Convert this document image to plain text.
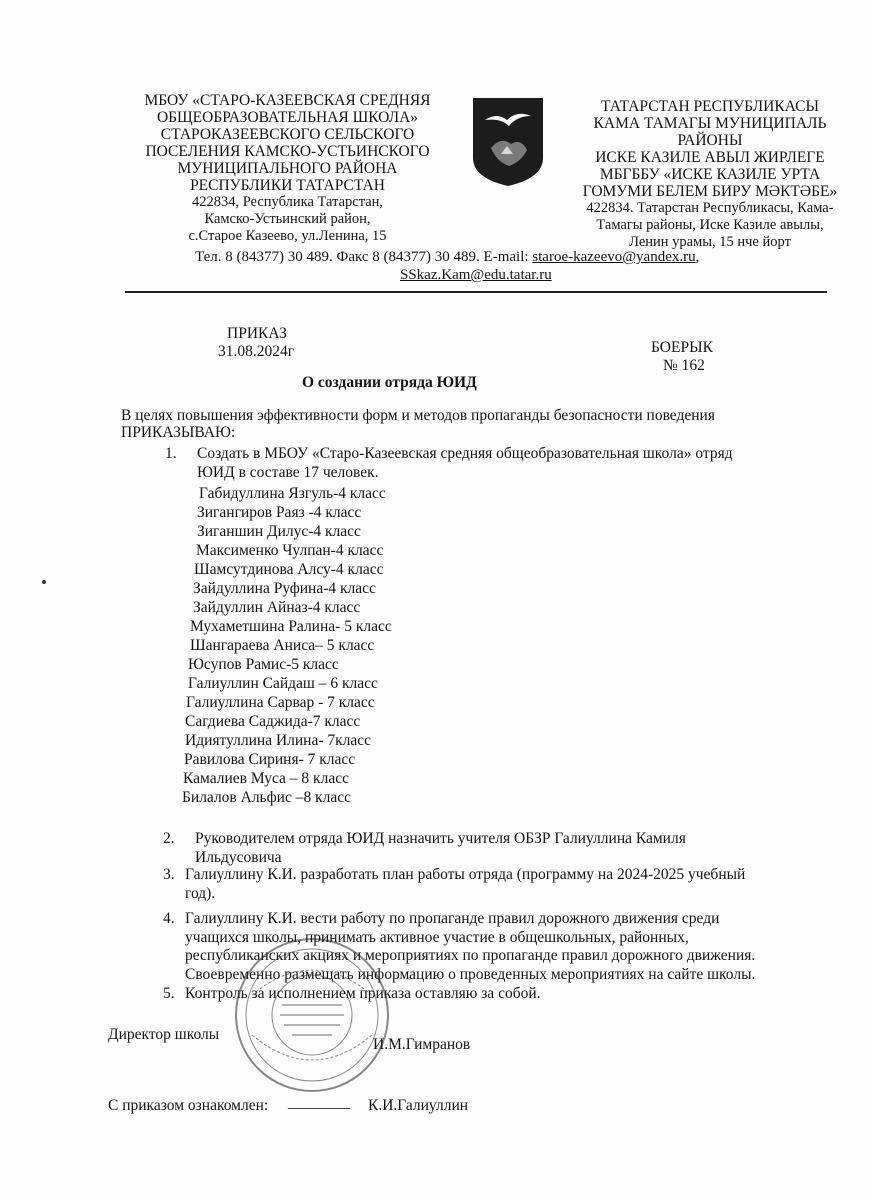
МБОУ «СТАРО-КАЗЕЕВСКАЯ СРЕДНЯЯ
ОБЩЕОБРАЗОВАТЕЛЬНАЯ ШКОЛА»
СТАРОКАЗЕЕВСКОГО СЕЛЬСКОГО
ПОСЕЛЕНИЯ КАМСКО-УСТЬИНСКОГО
МУНИЦИПАЛЬНОГО РАЙОНА
РЕСПУБЛИКИ ТАТАРСТАН
422834, Республика Татарстан,
Камско-Устьинский район,
с.Старое Казеево, ул.Ленина, 15
ТАТАРСТАН РЕСПУБЛИКАСЫ
КАМА ТАМАГЫ МУНИЦИПАЛЬ
РАЙОНЫ
ИСКЕ КАЗИЛЕ АВЫЛ ЖИРЛЕГЕ
МБГББУ «ИСКЕ КАЗИЛЕ УРТА
ГОМУМИ БЕЛЕМ БИРУ МӘКТӘБЕ»
422834. Татарстан Республикасы, Кама-
Тамагы районы, Иске Казиле авылы,
Ленин урамы, 15 нче йорт
Тел. 8 (84377) 30 489. Факс 8 (84377) 30 489. E-mail: staroe-kazeevo@yandex.ru,
SSkaz.Kam@edu.tatar.ru
ПРИКАЗ
31.08.2024г	БОЕРЫК
№ 162
О создании отряда ЮИД
В целях повышения эффективности форм и методов пропаганды безопасности поведения
ПРИКАЗЫВАЮ:
1. Создать в МБОУ «Старо-Казеевская средняя общеобразовательная школа» отряд
ЮИД в составе 17 человек.
Габидуллина Язгуль-4 класс
Зигангиров Раяз -4 класс
Зиганшин Дилус-4 класс
Максименко Чулпан-4 класс
Шамсутдинова Алсу-4 класс
Зайдуллина Руфина-4 класс
Зайдуллин Айназ-4 класс
Мухаметшина Ралина- 5 класс
Шангараева Аниса– 5 класс
Юсупов Рамис-5 класс
Галиуллин Сайдаш – 6 класс
Галиуллина Сарвар - 7 класс
Сагдиева Саджида-7 класс
Идиятуллина Илина- 7класс
Равилова Сириня- 7 класс
Камалиев Муса – 8 класс
Билалов Альфис –8 класс
2. Руководителем отряда ЮИД назначить учителя ОБЗР Галиуллина Камиля
Ильдусовича
3. Галиуллину К.И. разработать план работы отряда (программу на 2024-2025 учебный
год).
4. Галиуллину К.И. вести работу по пропаганде правил дорожного движения среди
учащихся школы, принимать активное участие в общешкольных, районных,
республиканских акциях и мероприятиях по пропаганде правил дорожного движения.
Своевременно размещать информацию о проведенных мероприятиях на сайте школы.
5. Контроль за исполнением приказа оставляю за собой.
Директор школы
И.М.Гимранов
С приказом ознакомлен: ________ К.И.Галиуллин
